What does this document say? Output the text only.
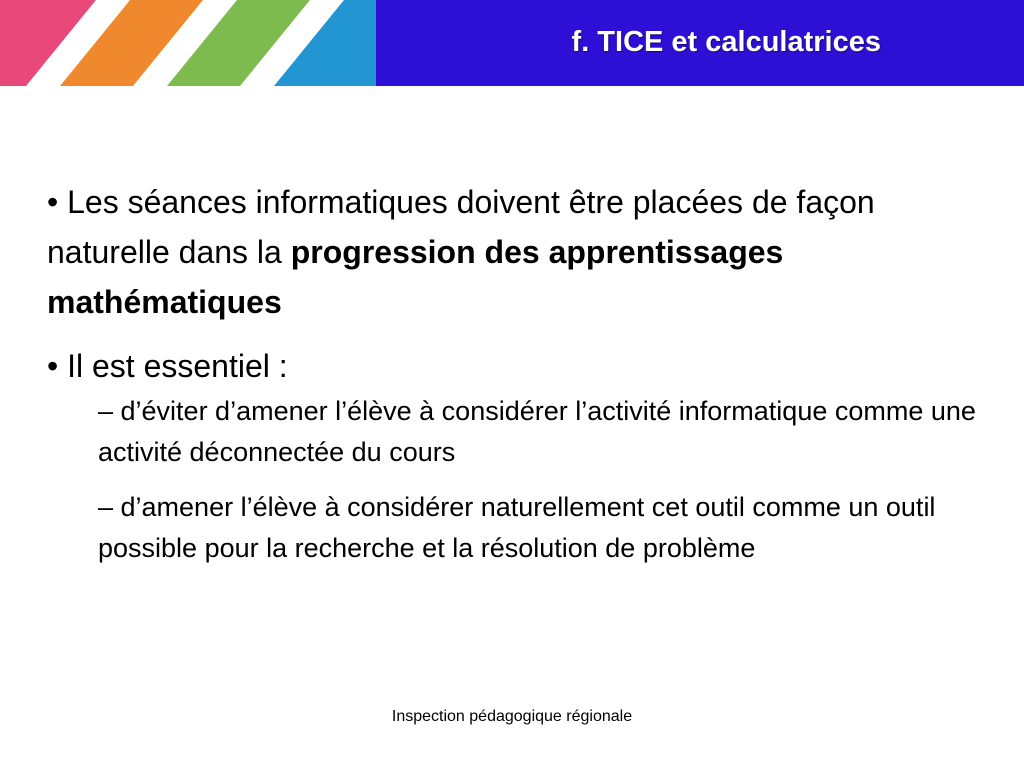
f. TICE et calculatrices

• Les séances informatiques doivent être placées de façon naturelle dans la progression des apprentissages mathématiques

• Il est essentiel :

– d’éviter d’amener l’élève à considérer l’activité informatique comme une activité déconnectée du cours

– d’amener l’élève à considérer naturellement cet outil comme un outil possible pour la recherche et la résolution de problème

Inspection pédagogique régionale
